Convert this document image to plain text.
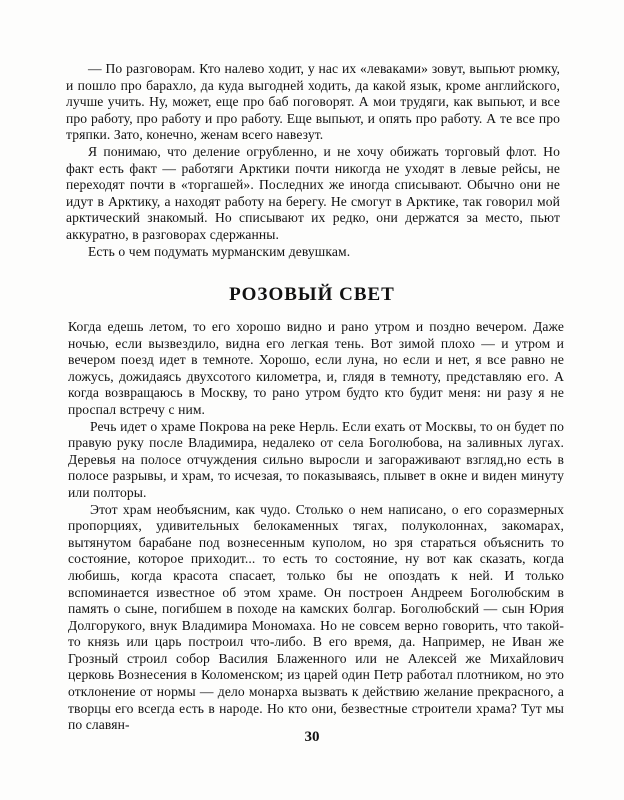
— По разговорам. Кто налево ходит, у нас их «леваками» зовут, выпьют рюмку, и пошло про барахло, да куда выгодней ходить, да какой язык, кроме английского, лучше учить. Ну, может, еще про баб поговорят. А мои трудяги, как выпьют, и все про работу, про работу и про работу. Еще выпьют, и опять про работу. А те все про тряпки. Зато, конечно, женам всего навезут.

Я понимаю, что деление огрубленно, и не хочу обижать торговый флот. Но факт есть факт — работяги Арктики почти никогда не уходят в левые рейсы, не переходят почти в «торгашей». Последних же иногда списывают. Обычно они не идут в Арктику, а находят работу на берегу. Не смогут в Арктике, так говорил мой арктический знакомый. Но списывают их редко, они держатся за место, пьют аккуратно, в разговорах сдержанны.

Есть о чем подумать мурманским девушкам.

РОЗОВЫЙ СВЕТ

Когда едешь летом, то его хорошо видно и рано утром и поздно вечером. Даже ночью, если вызвездило, видна его легкая тень. Вот зимой плохо — и утром и вечером поезд идет в темноте. Хорошо, если луна, но если и нет, я все равно не ложусь, дожидаясь двухсотого километра, и, глядя в темноту, представляю его. А когда возвращаюсь в Москву, то рано утром будто кто будит меня: ни разу я не проспал встречу с ним.

Речь идет о храме Покрова на реке Нерль. Если ехать от Москвы, то он будет по правую руку после Владимира, недалеко от села Боголюбова, на заливных лугах. Деревья на полосе отчуждения сильно выросли и загораживают взгляд,но есть в полосе разрывы, и храм, то исчезая, то показываясь, плывет в окне и виден минуту или полторы.

Этот храм необъясним, как чудо. Столько о нем написано, о его соразмерных пропорциях, удивительных белокаменных тягах, полуколоннах, закомарах, вытянутом барабане под вознесенным куполом, но зря стараться объяснить то состояние, которое приходит... то есть то состояние, ну вот как сказать, когда любишь, когда красота спасает, только бы не опоздать к ней. И только вспоминается известное об этом храме. Он построен Андреем Боголюбским в память о сыне, погибшем в походе на камских болгар. Боголюбский — сын Юрия Долгорукого, внук Владимира Мономаха. Но не совсем верно говорить, что такой-то князь или царь построил что-либо. В его время, да. Например, не Иван же Грозный строил собор Василия Блаженного или не Алексей же Михайлович церковь Вознесения в Коломенском; из царей один Петр работал плотником, но это отклонение от нормы — дело монарха вызвать к действию желание прекрасного, а творцы его всегда есть в народе. Но кто они, безвестные строители храма? Тут мы по славян-

30
